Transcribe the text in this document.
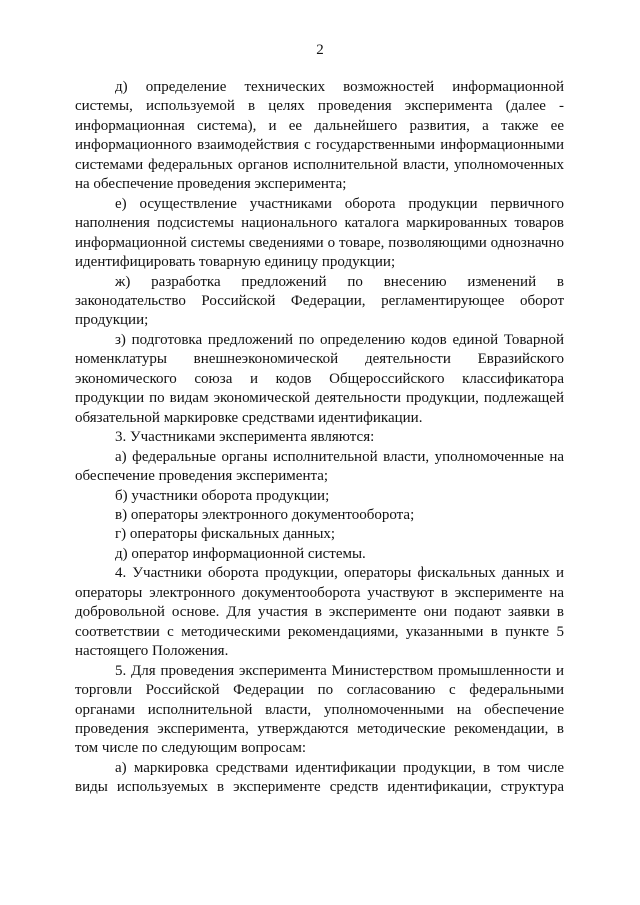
2

д) определение технических возможностей информационной системы, используемой в целях проведения эксперимента (далее - информационная система), и ее дальнейшего развития, а также ее информационного взаимодействия с государственными информационными системами федеральных органов исполнительной власти, уполномоченных на обеспечение проведения эксперимента;

е) осуществление участниками оборота продукции первичного наполнения подсистемы национального каталога маркированных товаров информационной системы сведениями о товаре, позволяющими однозначно идентифицировать товарную единицу продукции;

ж) разработка предложений по внесению изменений в законодательство Российской Федерации, регламентирующее оборот продукции;

з) подготовка предложений по определению кодов единой Товарной номенклатуры внешнеэкономической деятельности Евразийского экономического союза и кодов Общероссийского классификатора продукции по видам экономической деятельности продукции, подлежащей обязательной маркировке средствами идентификации.

3. Участниками эксперимента являются:

а) федеральные органы исполнительной власти, уполномоченные на обеспечение проведения эксперимента;

б) участники оборота продукции;

в) операторы электронного документооборота;

г) операторы фискальных данных;

д) оператор информационной системы.

4. Участники оборота продукции, операторы фискальных данных и операторы электронного документооборота участвуют в эксперименте на добровольной основе. Для участия в эксперименте они подают заявки в соответствии с методическими рекомендациями, указанными в пункте 5 настоящего Положения.

5. Для проведения эксперимента Министерством промышленности и торговли Российской Федерации по согласованию с федеральными органами исполнительной власти, уполномоченными на обеспечение проведения эксперимента, утверждаются методические рекомендации, в том числе по следующим вопросам:

а) маркировка средствами идентификации продукции, в том числе виды используемых в эксперименте средств идентификации, структура
